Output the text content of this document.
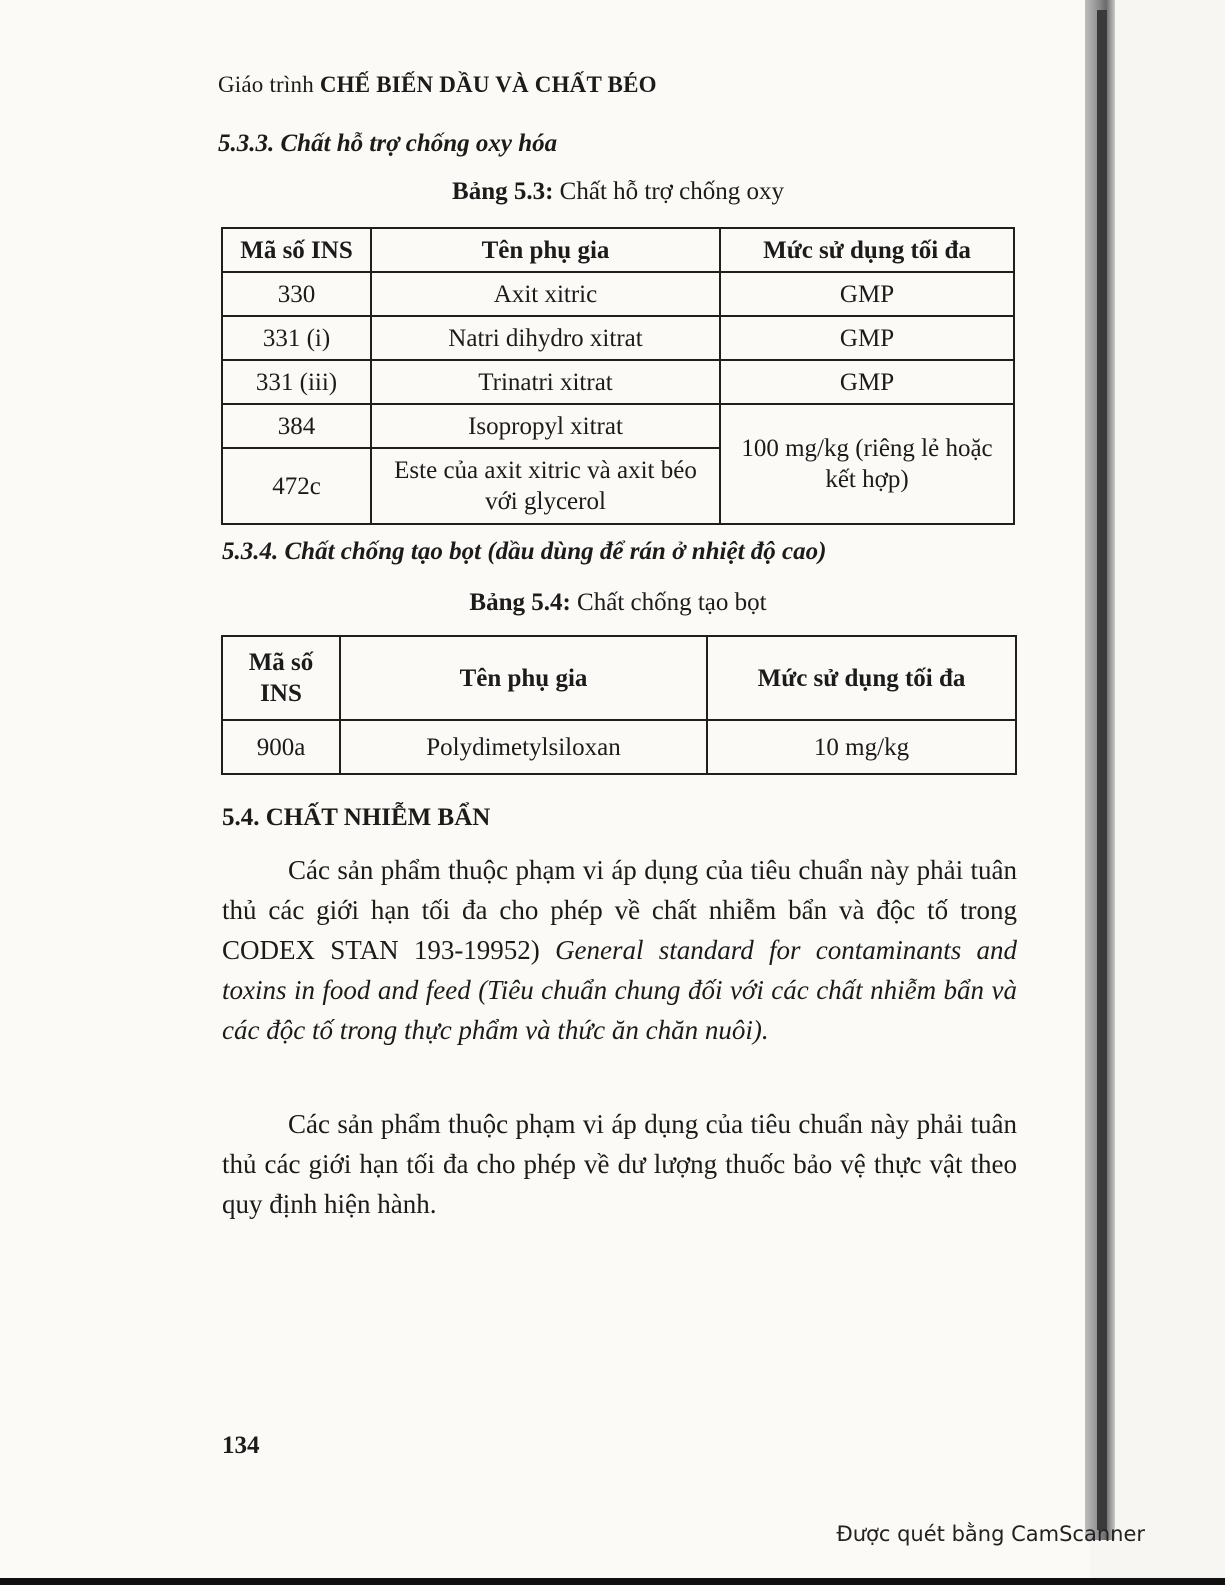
Giáo trình CHẾ BIẾN DẦU VÀ CHẤT BÉO
5.3.3. Chất hỗ trợ chống oxy hóa
Bảng 5.3: Chất hỗ trợ chống oxy
Mã số INS	Tên phụ gia	Mức sử dụng tối đa
330	Axit xitric	GMP
331 (i)	Natri dihydro xitrat	GMP
331 (iii)	Trinatri xitrat	GMP
384	Isopropyl xitrat	100 mg/kg (riêng lẻ hoặc kết hợp)
472c	Este của axit xitric và axit béo với glycerol	
5.3.4. Chất chống tạo bọt (dầu dùng để rán ở nhiệt độ cao)
Bảng 5.4: Chất chống tạo bọt
Mã số INS	Tên phụ gia	Mức sử dụng tối đa
900a	Polydimetylsiloxan	10 mg/kg
5.4. CHẤT NHIỄM BẨN
Các sản phẩm thuộc phạm vi áp dụng của tiêu chuẩn này phải tuân thủ các giới hạn tối đa cho phép về chất nhiễm bẩn và độc tố trong CODEX STAN 193-19952) General standard for contaminants and toxins in food and feed (Tiêu chuẩn chung đối với các chất nhiễm bẩn và các độc tố trong thực phẩm và thức ăn chăn nuôi).
Các sản phẩm thuộc phạm vi áp dụng của tiêu chuẩn này phải tuân thủ các giới hạn tối đa cho phép về dư lượng thuốc bảo vệ thực vật theo quy định hiện hành.
134
Được quét bằng CamScanner
